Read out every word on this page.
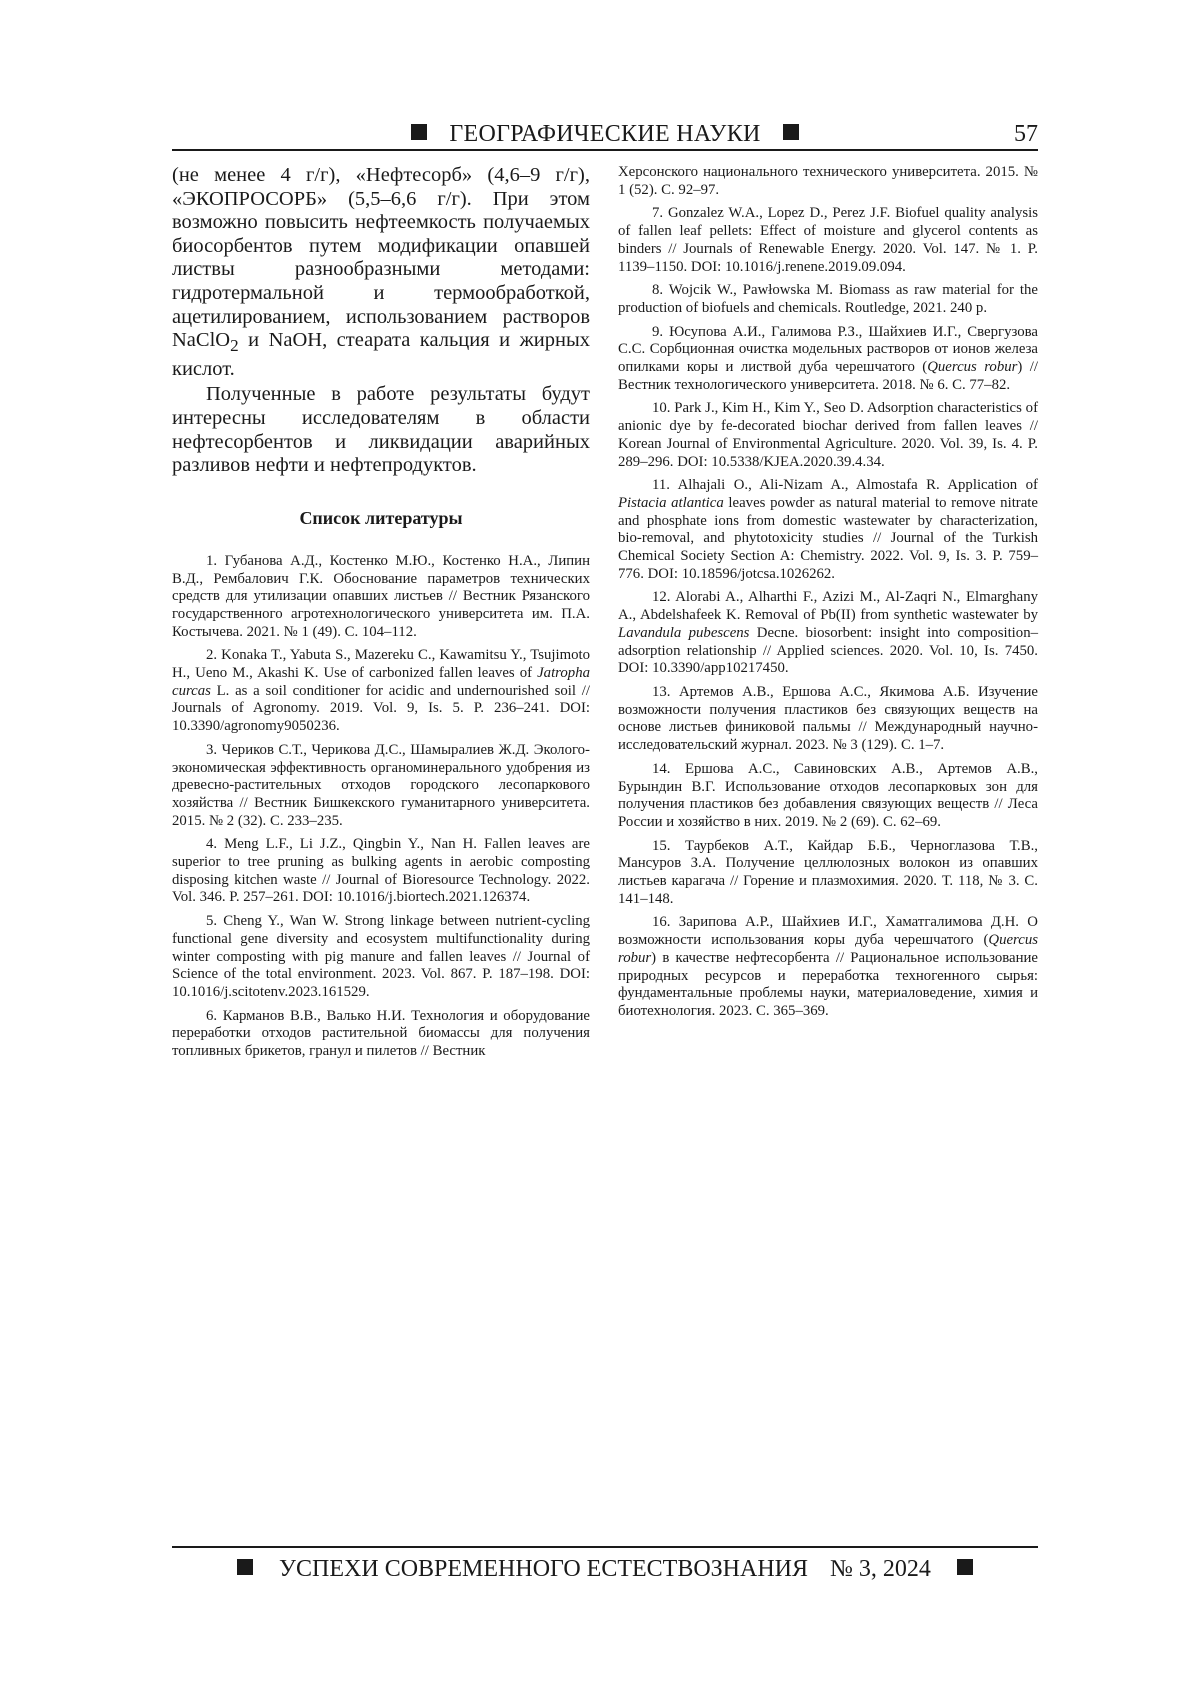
ГЕОГРАФИЧЕСКИЕ НАУКИ	57

(не менее 4 г/г), «Нефтесорб» (4,6–9 г/г), «ЭКОПРОСОРБ» (5,5–6,6 г/г). При этом возможно повысить нефтеемкость получаемых биосорбентов путем модификации опавшей листвы разнообразными методами: гидротермальной и термообработкой, ацетилированием, использованием растворов NaClO$_2$ и NaOH, стеарата кальция и жирных кислот.

Полученные в работе результаты будут интересны исследователям в области нефтесорбентов и ликвидации аварийных разливов нефти и нефтепродуктов.

Список литературы

1. Губанова А.Д., Костенко М.Ю., Костенко Н.А., Липин В.Д., Рембалович Г.К. Обоснование параметров технических средств для утилизации опавших листьев // Вестник Рязанского государственного агротехнологического университета им. П.А. Костычева. 2021. № 1 (49). С. 104–112.

2. Konaka T., Yabuta S., Mazereku C., Kawamitsu Y., Tsujimoto H., Ueno M., Akashi K. Use of carbonized fallen leaves of Jatropha curcas L. as a soil conditioner for acidic and undernourished soil // Journals of Agronomy. 2019. Vol. 9, Is. 5. P. 236–241. DOI: 10.3390/agronomy9050236.

3. Чериков С.Т., Черикова Д.С., Шамыралиев Ж.Д. Эколого-экономическая эффективность органоминерального удобрения из древесно-растительных отходов городского лесопаркового хозяйства // Вестник Бишкекского гуманитарного университета. 2015. № 2 (32). С. 233–235.

4. Meng L.F., Li J.Z., Qingbin Y., Nan H. Fallen leaves are superior to tree pruning as bulking agents in aerobic composting disposing kitchen waste // Journal of Bioresource Technology. 2022. Vol. 346. P. 257–261. DOI: 10.1016/j.biortech.2021.126374.

5. Cheng Y., Wan W. Strong linkage between nutrient-cycling functional gene diversity and ecosystem multifunctionality during winter composting with pig manure and fallen leaves // Journal of Science of the total environment. 2023. Vol. 867. P. 187–198. DOI: 10.1016/j.scitotenv.2023.161529.

6. Карманов В.В., Валько Н.И. Технология и оборудование переработки отходов растительной биомассы для получения топливных брикетов, гранул и пилетов // Вестник

Херсонского национального технического университета. 2015. № 1 (52). С. 92–97.

7. Gonzalez W.A., Lopez D., Perez J.F. Biofuel quality analysis of fallen leaf pellets: Effect of moisture and glycerol contents as binders // Journals of Renewable Energy. 2020. Vol. 147. № 1. P. 1139–1150. DOI: 10.1016/j.renene.2019.09.094.

8. Wojcik W., Pawłowska M. Biomass as raw material for the production of biofuels and chemicals. Routledge, 2021. 240 p.

9. Юсупова А.И., Галимова Р.З., Шайхиев И.Г., Свергузова С.С. Сорбционная очистка модельных растворов от ионов железа опилками коры и листвой дуба черешчатого (Quercus robur) // Вестник технологического университета. 2018. № 6. С. 77–82.

10. Park J., Kim H., Kim Y., Seo D. Adsorption characteristics of anionic dye by fe-decorated biochar derived from fallen leaves // Korean Journal of Environmental Agriculture. 2020. Vol. 39, Is. 4. P. 289–296. DOI: 10.5338/KJEA.2020.39.4.34.

11. Alhajali O., Ali-Nizam A., Almostafa R. Application of Pistacia atlantica leaves powder as natural material to remove nitrate and phosphate ions from domestic wastewater by characterization, bio-removal, and phytotoxicity studies // Journal of the Turkish Chemical Society Section A: Chemistry. 2022. Vol. 9, Is. 3. P. 759–776. DOI: 10.18596/jotcsa.1026262.

12. Alorabi A., Alharthi F., Azizi M., Al-Zaqri N., Elmarghany A., Abdelshafeek K. Removal of Pb(II) from synthetic wastewater by Lavandula pubescens Decne. biosorbent: insight into composition–adsorption relationship // Applied sciences. 2020. Vol. 10, Is. 7450. DOI: 10.3390/app10217450.

13. Артемов А.В., Ершова А.С., Якимова А.Б. Изучение возможности получения пластиков без связующих веществ на основе листьев финиковой пальмы // Международный научно-исследовательский журнал. 2023. № 3 (129). С. 1–7.

14. Ершова А.С., Савиновских А.В., Артемов А.В., Бурындин В.Г. Использование отходов лесопарковых зон для получения пластиков без добавления связующих веществ // Леса России и хозяйство в них. 2019. № 2 (69). С. 62–69.

15. Таурбеков А.Т., Кайдар Б.Б., Черноглазова Т.В., Мансуров З.А. Получение целлюлозных волокон из опавших листьев карагача // Горение и плазмохимия. 2020. Т. 118, № 3. С. 141–148.

16. Зарипова А.Р., Шайхиев И.Г., Хаматгалимова Д.Н. О возможности использования коры дуба черешчатого (Quercus robur) в качестве нефтесорбента // Рациональное использование природных ресурсов и переработка техногенного сырья: фундаментальные проблемы науки, материаловедение, химия и биотехнология. 2023. С. 365–369.

УСПЕХИ СОВРЕМЕННОГО ЕСТЕСТВОЗНАНИЯ № 3, 2024
